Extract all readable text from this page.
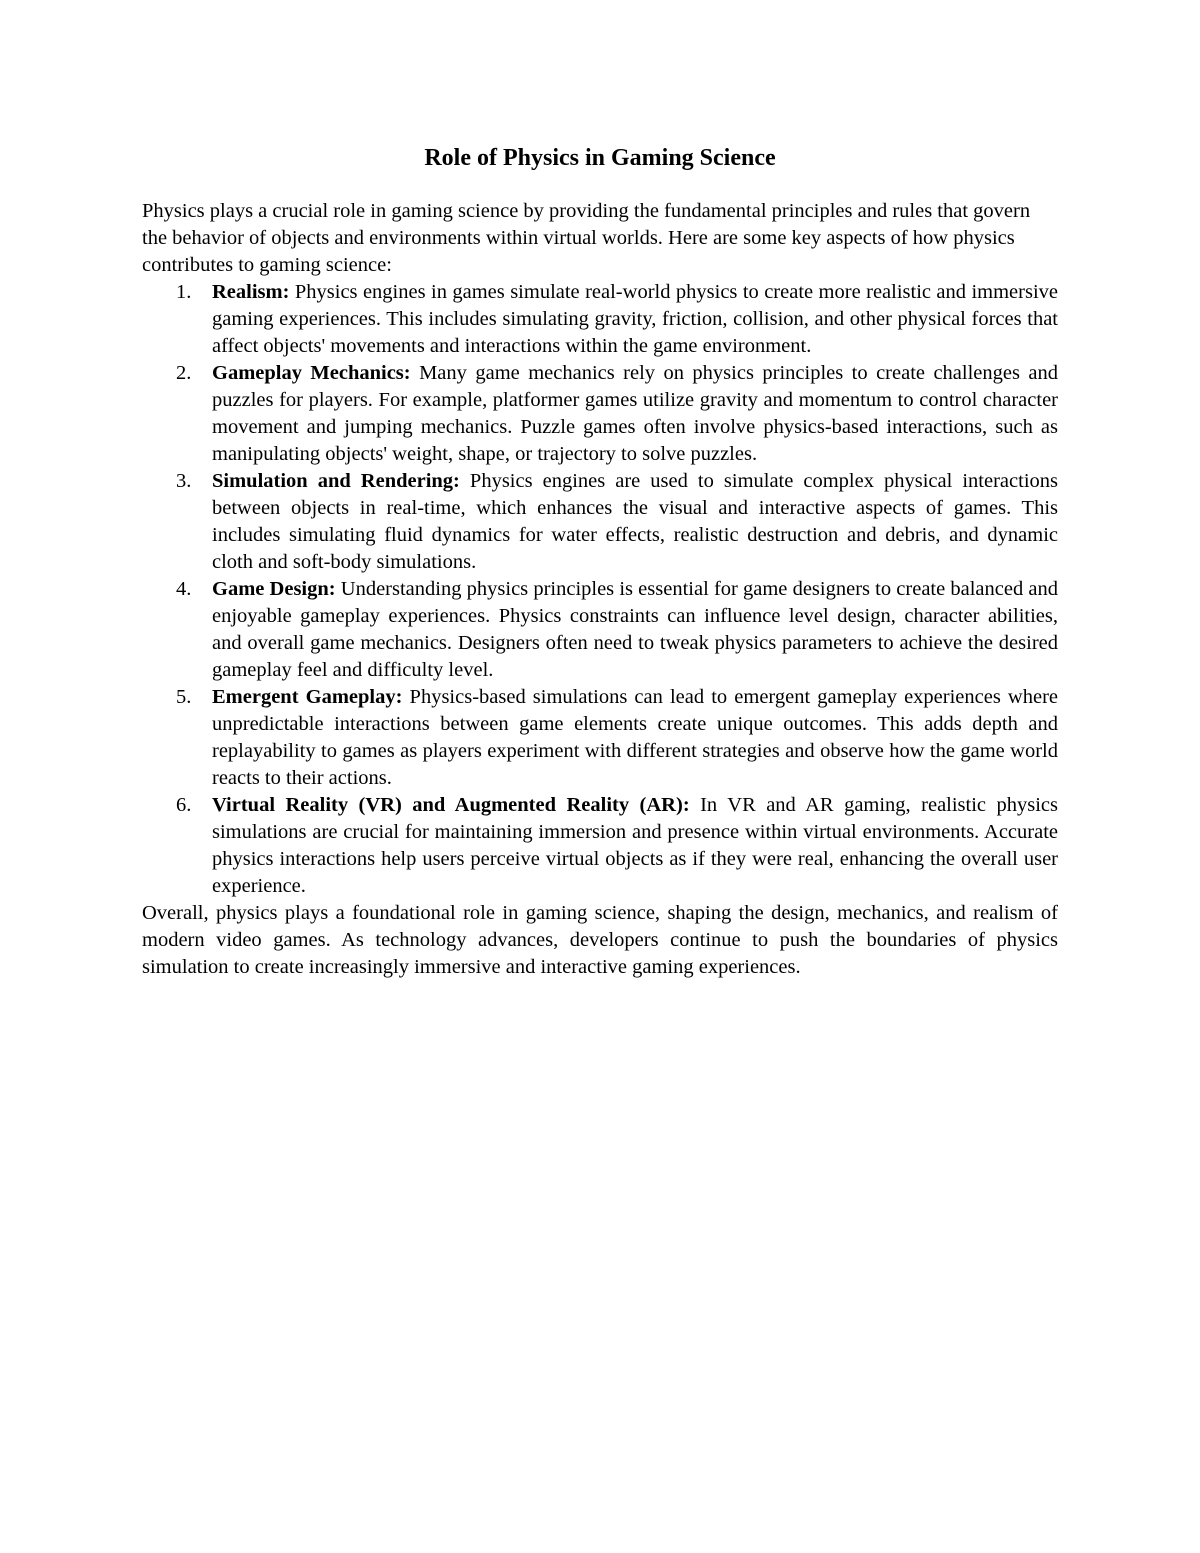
Role of Physics in Gaming Science

Physics plays a crucial role in gaming science by providing the fundamental principles and rules that govern the behavior of objects and environments within virtual worlds. Here are some key aspects of how physics contributes to gaming science:

1. Realism: Physics engines in games simulate real-world physics to create more realistic and immersive gaming experiences. This includes simulating gravity, friction, collision, and other physical forces that affect objects' movements and interactions within the game environment.
2. Gameplay Mechanics: Many game mechanics rely on physics principles to create challenges and puzzles for players. For example, platformer games utilize gravity and momentum to control character movement and jumping mechanics. Puzzle games often involve physics-based interactions, such as manipulating objects' weight, shape, or trajectory to solve puzzles.
3. Simulation and Rendering: Physics engines are used to simulate complex physical interactions between objects in real-time, which enhances the visual and interactive aspects of games. This includes simulating fluid dynamics for water effects, realistic destruction and debris, and dynamic cloth and soft-body simulations.
4. Game Design: Understanding physics principles is essential for game designers to create balanced and enjoyable gameplay experiences. Physics constraints can influence level design, character abilities, and overall game mechanics. Designers often need to tweak physics parameters to achieve the desired gameplay feel and difficulty level.
5. Emergent Gameplay: Physics-based simulations can lead to emergent gameplay experiences where unpredictable interactions between game elements create unique outcomes. This adds depth and replayability to games as players experiment with different strategies and observe how the game world reacts to their actions.
6. Virtual Reality (VR) and Augmented Reality (AR): In VR and AR gaming, realistic physics simulations are crucial for maintaining immersion and presence within virtual environments. Accurate physics interactions help users perceive virtual objects as if they were real, enhancing the overall user experience.

Overall, physics plays a foundational role in gaming science, shaping the design, mechanics, and realism of modern video games. As technology advances, developers continue to push the boundaries of physics simulation to create increasingly immersive and interactive gaming experiences.
